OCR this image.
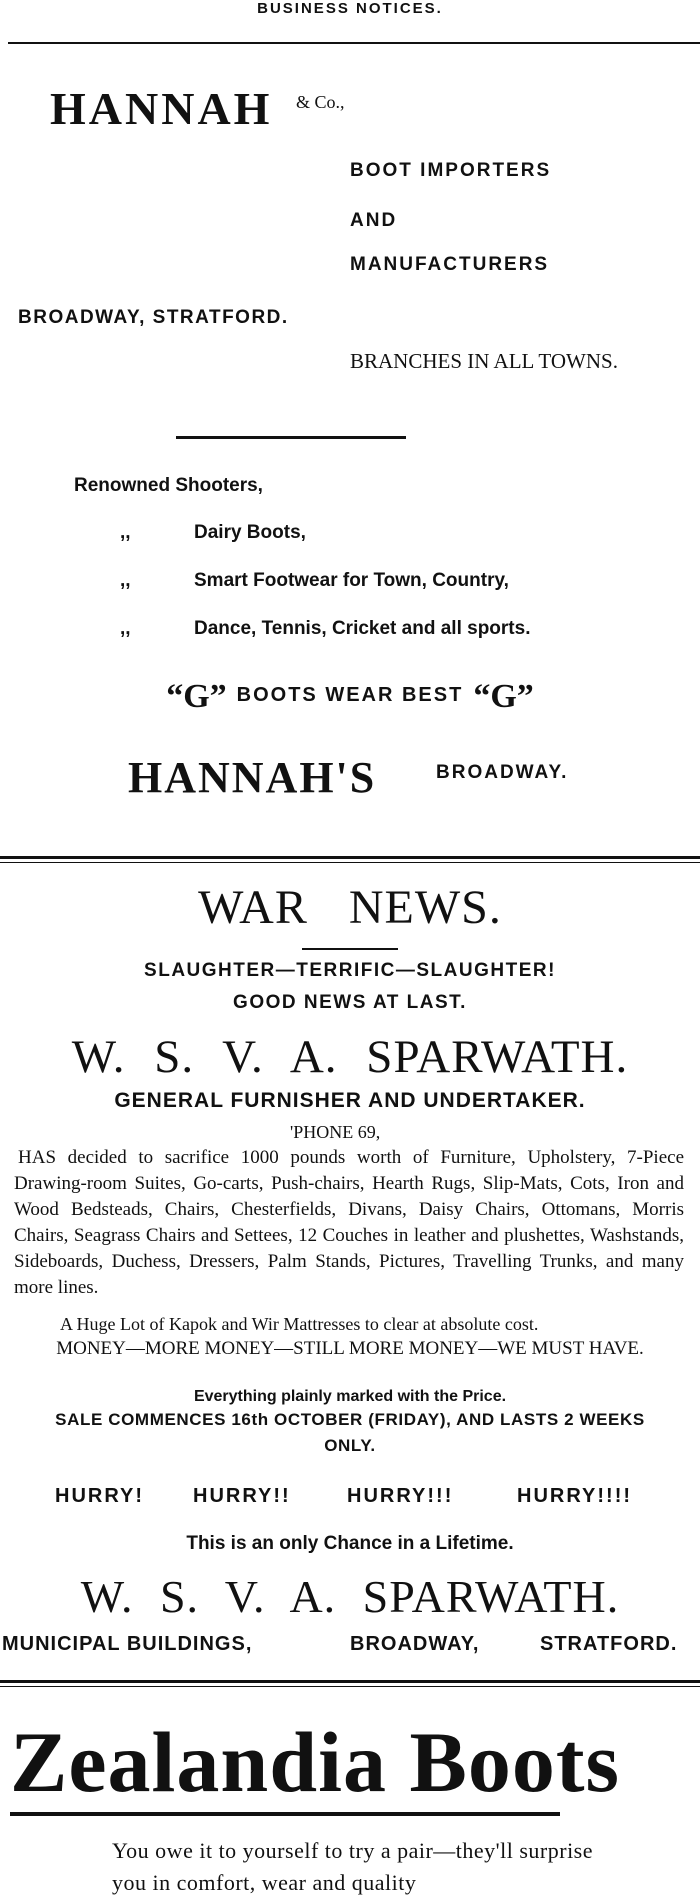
BUSINESS NOTICES.
HANNAH & Co.,
BOOT IMPORTERS
AND
MANUFACTURERS
BROADWAY, STRATFORD.
BRANCHES IN ALL TOWNS.
Renowned Shooters,
,,	Dairy Boots,
,,	Smart Footwear for Town, Country,
,,	Dance, Tennis, Cricket and all sports.
“G” BOOTS WEAR BEST “G”
HANNAH'S	BROADWAY.
WAR NEWS.
SLAUGHTER—TERRIFIC—SLAUGHTER!
GOOD NEWS AT LAST.
W. S. V. A. SPARWATH.
GENERAL FURNISHER AND UNDERTAKER.
'PHONE 69,
HAS decided to sacrifice 1000 pounds worth of Furniture, Upholstery, 7-Piece Drawing-room Suites, Go-carts, Push-chairs, Hearth Rugs, Slip-Mats, Cots, Iron and Wood Bedsteads, Chairs, Chesterfields, Divans, Daisy Chairs, Ottomans, Morris Chairs, Seagrass Chairs and Settees, 12 Couches in leather and plushettes, Washstands, Sideboards, Duchess, Dressers, Palm Stands, Pictures, Travelling Trunks, and many more lines.
A Huge Lot of Kapok and Wir Mattresses to clear at absolute cost.
MONEY—MORE MONEY—STILL MORE MONEY—WE MUST HAVE.
Everything plainly marked with the Price.
SALE COMMENCES 16th OCTOBER (FRIDAY), AND LASTS 2 WEEKS
ONLY.
HURRY! HURRY!!	HURRY!!!	HURRY!!!!
This is an only Chance in a Lifetime.
W. S. V. A. SPARWATH.
MUNICIPAL BUILDINGS,	BROADWAY,	STRATFORD.
Zealandia Boots
You owe it to yourself to try a pair—they'll surprise
you in comfort, wear and quality
